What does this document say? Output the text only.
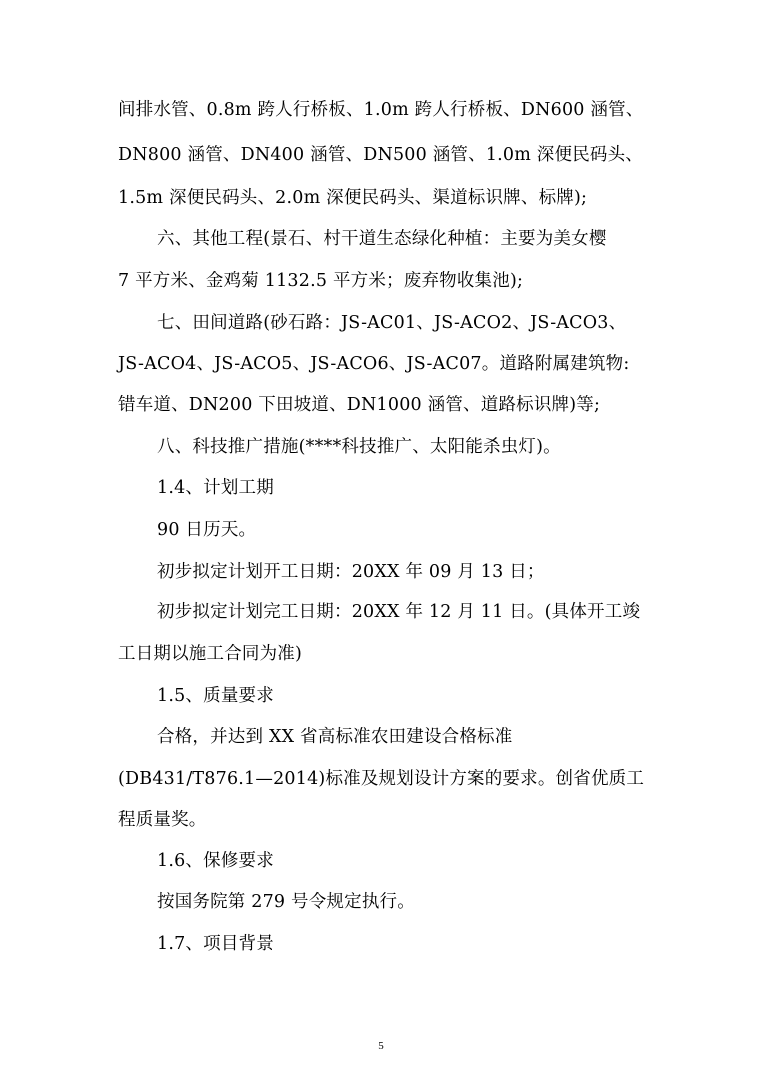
间排水管、0.8m 跨人行桥板、1.0m 跨人行桥板、DN600 涵管、
DN800 涵管、DN400 涵管、DN500 涵管、1.0m 深便民码头、
1.5m 深便民码头、2.0m 深便民码头、渠道标识牌、标牌);
六、其他工程(景石、村干道生态绿化种植：主要为美女樱
7 平方米、金鸡菊 1132.5 平方米；废弃物收集池);
七、田间道路(砂石路：JS-AC01、JS-ACO2、JS-ACO3、
JS-ACO4、JS-ACO5、JS-ACO6、JS-AC07。道路附属建筑物:
错车道、DN200 下田坡道、DN1000 涵管、道路标识牌)等;
八、科技推广措施(****科技推广、太阳能杀虫灯)。
1.4、计划工期
90 日历天。
初步拟定计划开工日期：20XX 年 09 月 13 日；
初步拟定计划完工日期：20XX 年 12 月 11 日。(具体开工竣
工日期以施工合同为准)
1.5、质量要求
合格，并达到 XX 省高标准农田建设合格标准
(DB431/T876.1—2014)标准及规划设计方案的要求。创省优质工
程质量奖。
1.6、保修要求
按国务院第 279 号令规定执行。
1.7、项目背景
5
